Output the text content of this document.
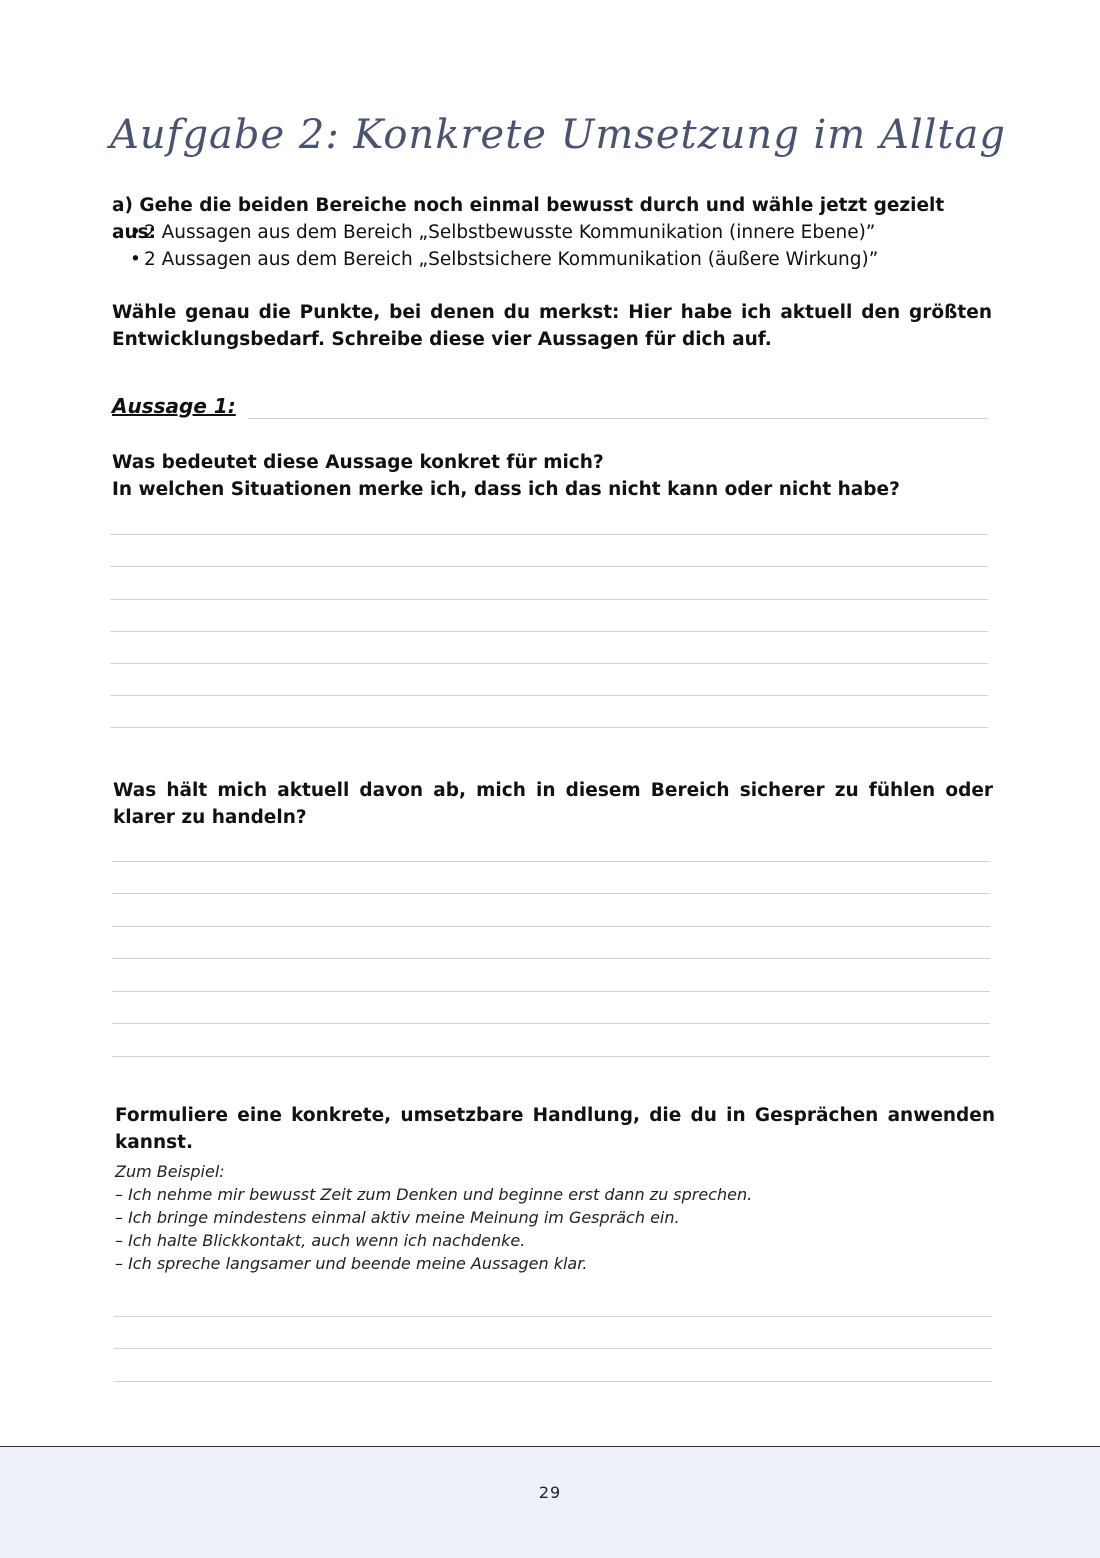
Aufgabe 2: Konkrete Umsetzung im Alltag
a) Gehe die beiden Bereiche noch einmal bewusst durch und wähle jetzt gezielt aus:
• 2 Aussagen aus dem Bereich „Selbstbewusste Kommunikation (innere Ebene)”
• 2 Aussagen aus dem Bereich „Selbstsichere Kommunikation (äußere Wirkung)”
Wähle genau die Punkte, bei denen du merkst: Hier habe ich aktuell den größten Entwicklungsbedarf. Schreibe diese vier Aussagen für dich auf.
Aussage 1:
Was bedeutet diese Aussage konkret für mich?
In welchen Situationen merke ich, dass ich das nicht kann oder nicht habe?
Was hält mich aktuell davon ab, mich in diesem Bereich sicherer zu fühlen oder klarer zu handeln?
Formuliere eine konkrete, umsetzbare Handlung, die du in Gesprächen anwenden kannst.
Zum Beispiel:
– Ich nehme mir bewusst Zeit zum Denken und beginne erst dann zu sprechen.
– Ich bringe mindestens einmal aktiv meine Meinung im Gespräch ein.
– Ich halte Blickkontakt, auch wenn ich nachdenke.
– Ich spreche langsamer und beende meine Aussagen klar.
29
